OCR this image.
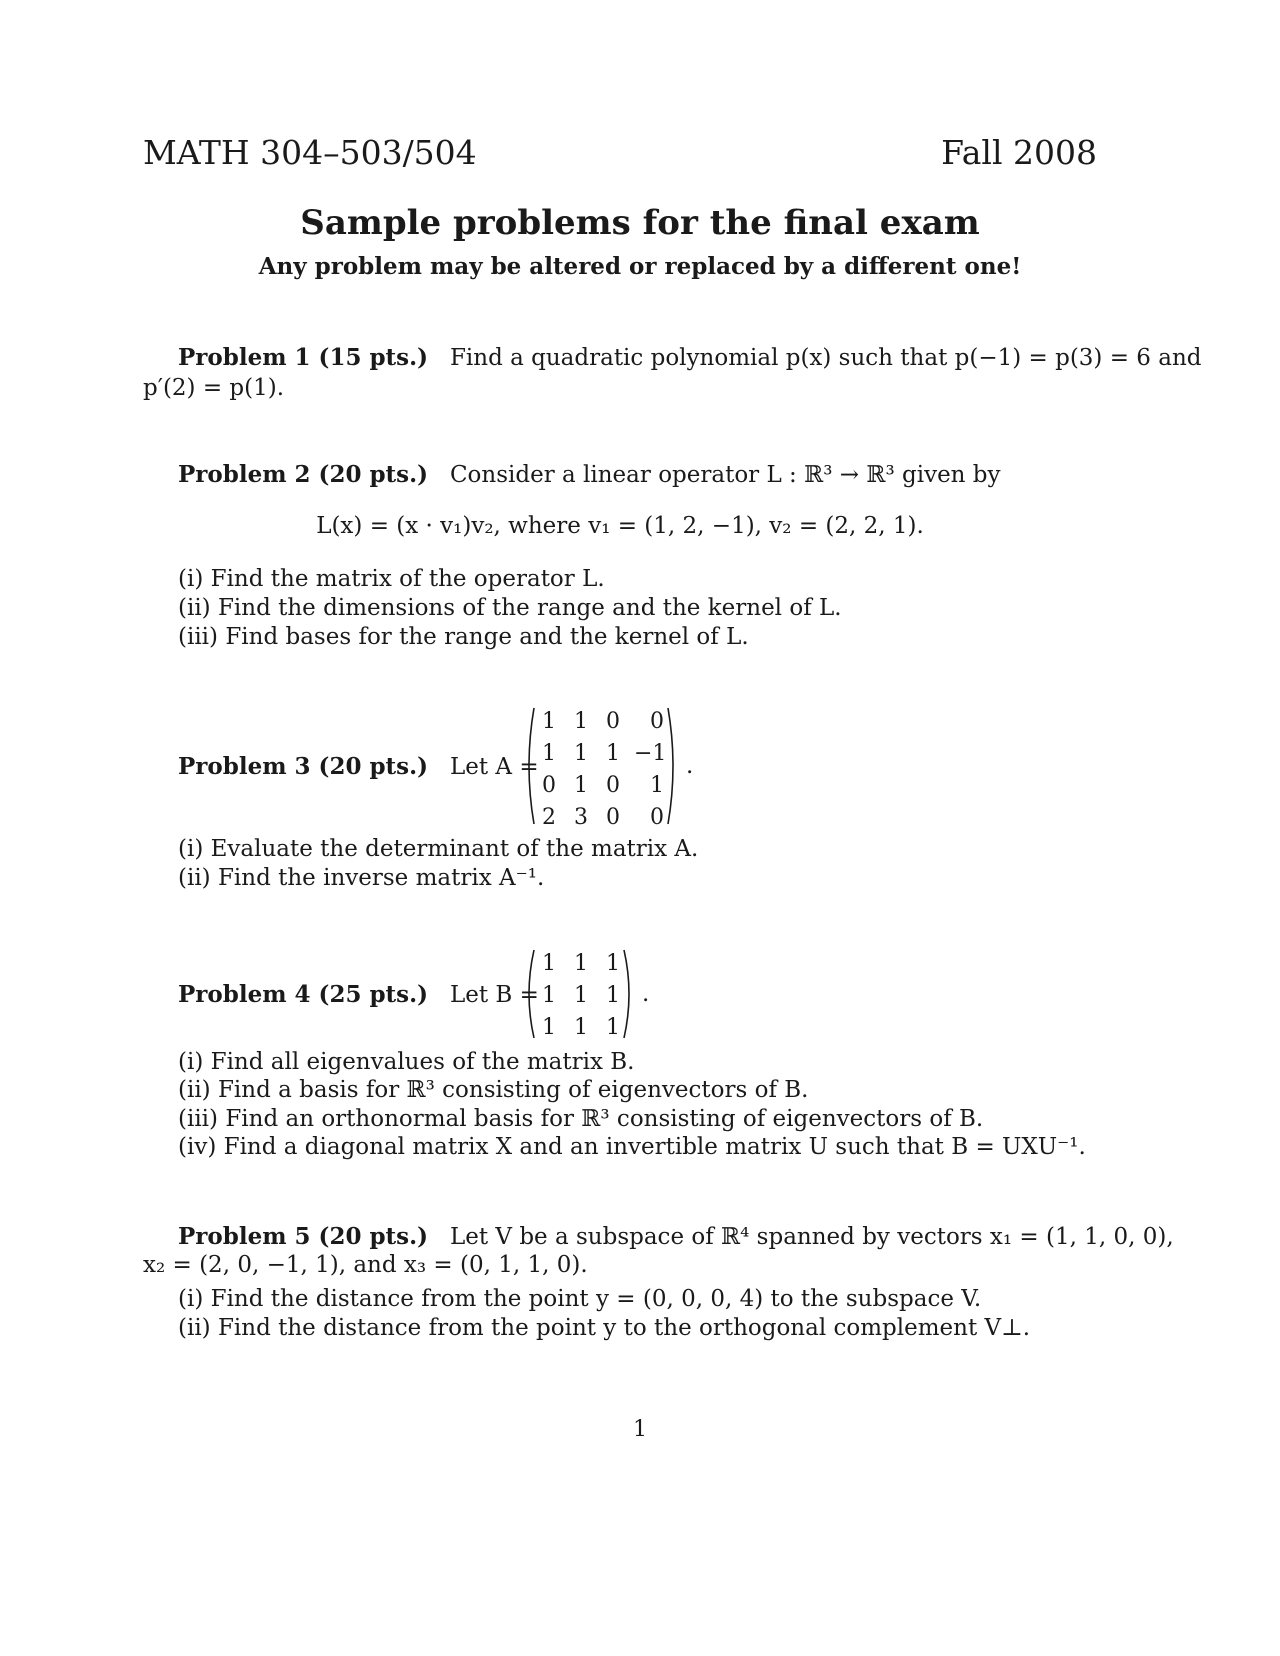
MATH 304–503/504	Fall 2008
Sample problems for the final exam
Any problem may be altered or replaced by a different one!
Problem 1 (15 pts.) Find a quadratic polynomial p(x) such that p(−1) = p(3) = 6 and
p′(2) = p(1).
Problem 2 (20 pts.) Consider a linear operator L : ℝ³ → ℝ³ given by
L(x) = (x · v₁)v₂, where v₁ = (1, 2, −1), v₂ = (2, 2, 1).
(i) Find the matrix of the operator L.
(ii) Find the dimensions of the range and the kernel of L.
(iii) Find bases for the range and the kernel of L.
Problem 3 (20 pts.) Let A =
1 1 0	0
1 1 1 −1
0 1 0	1
2 3 0	0
.
(i) Evaluate the determinant of the matrix A.
(ii) Find the inverse matrix A⁻¹.
Problem 4 (25 pts.) Let B =
1 1 1
1 1 1
1 1 1
.
(i) Find all eigenvalues of the matrix B.
(ii) Find a basis for ℝ³ consisting of eigenvectors of B.
(iii) Find an orthonormal basis for ℝ³ consisting of eigenvectors of B.
(iv) Find a diagonal matrix X and an invertible matrix U such that B = UXU⁻¹.
Problem 5 (20 pts.) Let V be a subspace of ℝ⁴ spanned by vectors x₁ = (1, 1, 0, 0),
x₂ = (2, 0, −1, 1), and x₃ = (0, 1, 1, 0).
(i) Find the distance from the point y = (0, 0, 0, 4) to the subspace V.
(ii) Find the distance from the point y to the orthogonal complement V⊥.
1
